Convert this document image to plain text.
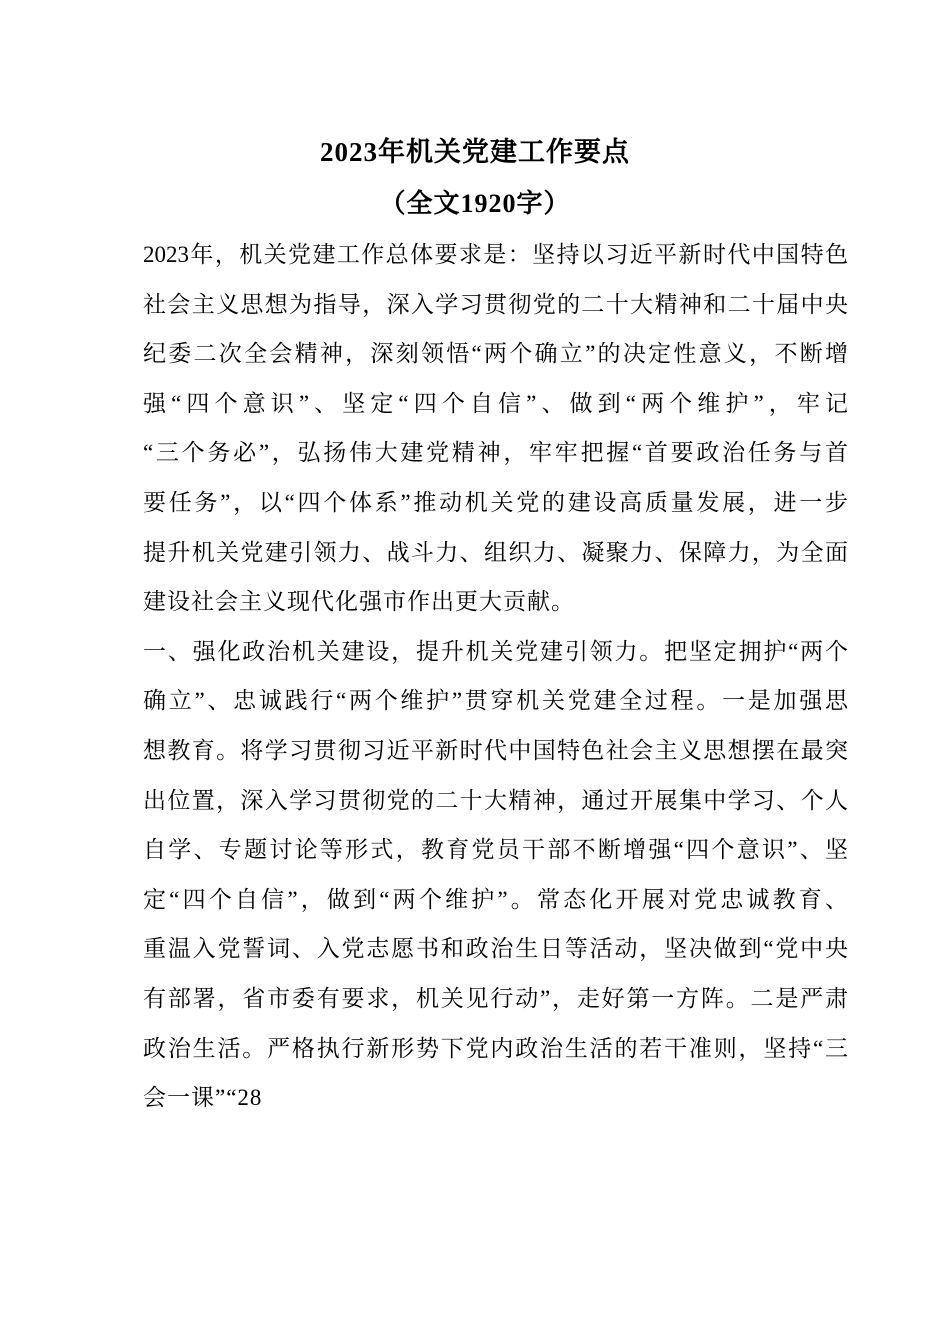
2023年机关党建工作要点
（全文1920字）

2023年，机关党建工作总体要求是：坚持以习近平新时代中国特色
社会主义思想为指导，深入学习贯彻党的二十大精神和二十届中央
纪委二次全会精神，深刻领悟“两个确立”的决定性意义，不断增
强“四个意识”、坚定“四个自信”、做到“两个维护”，牢记
“三个务必”，弘扬伟大建党精神，牢牢把握“首要政治任务与首
要任务”，以“四个体系”推动机关党的建设高质量发展，进一步
提升机关党建引领力、战斗力、组织力、凝聚力、保障力，为全面
建设社会主义现代化强市作出更大贡献。

一、强化政治机关建设，提升机关党建引领力。把坚定拥护“两个
确立”、忠诚践行“两个维护”贯穿机关党建全过程。一是加强思
想教育。将学习贯彻习近平新时代中国特色社会主义思想摆在最突
出位置，深入学习贯彻党的二十大精神，通过开展集中学习、个人
自学、专题讨论等形式，教育党员干部不断增强“四个意识”、坚
定“四个自信”，做到“两个维护”。常态化开展对党忠诚教育、
重温入党誓词、入党志愿书和政治生日等活动，坚决做到“党中央
有部署，省市委有要求，机关见行动”，走好第一方阵。二是严肃
政治生活。严格执行新形势下党内政治生活的若干准则，坚持“三
会一课”“28
